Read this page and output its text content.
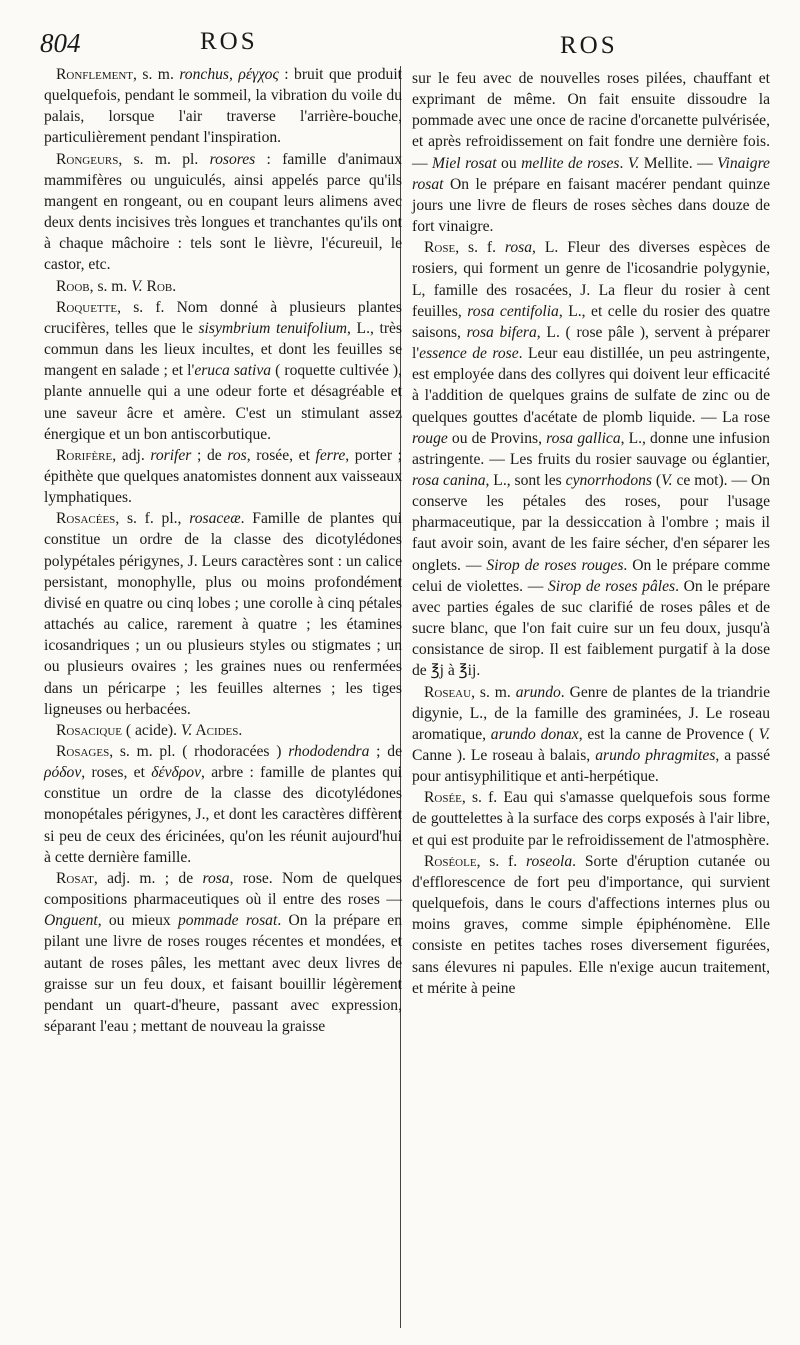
804	ROS	ROS

Ronflement, s. m. ronchus, ρέγχος : bruit que produit quelquefois, pendant le sommeil, la vibration du voile du palais, lorsque l'air traverse l'arrière-bouche, particulièrement pendant l'inspiration.

Rongeurs, s. m. pl. rosores : famille d'animaux mammifères ou unguiculés, ainsi appelés parce qu'ils mangent en rongeant, ou en coupant leurs alimens avec deux dents incisives très longues et tranchantes qu'ils ont à chaque mâchoire : tels sont le lièvre, l'écureuil, le castor, etc.

Roob, s. m. V. Rob.

Roquette, s. f. Nom donné à plusieurs plantes crucifères, telles que le sisymbrium tenuifolium, L., très commun dans les lieux incultes, et dont les feuilles se mangent en salade ; et l'eruca sativa ( roquette cultivée ), plante annuelle qui a une odeur forte et désagréable et une saveur âcre et amère. C'est un stimulant assez énergique et un bon antiscorbutique.

Rorifère, adj. rorifer ; de ros, rosée, et ferre, porter ; épithète que quelques anatomistes donnent aux vaisseaux lymphatiques.

Rosacées, s. f. pl., rosaceæ. Famille de plantes qui constitue un ordre de la classe des dicotylédones polypétales périgynes, J. Leurs caractères sont : un calice persistant, monophylle, plus ou moins profondément divisé en quatre ou cinq lobes ; une corolle à cinq pétales attachés au calice, rarement à quatre ; les étamines icosandriques ; un ou plusieurs styles ou stigmates ; un ou plusieurs ovaires ; les graines nues ou renfermées dans un péricarpe ; les feuilles alternes ; les tiges ligneuses ou herbacées.

Rosacique ( acide). V. Acides.

Rosages, s. m. pl. ( rhodoracées ) rhododendra ; de ρόδον, roses, et δένδρον, arbre : famille de plantes qui constitue un ordre de la classe des dicotylédones monopétales périgynes, J., et dont les caractères diffèrent si peu de ceux des éricinées, qu'on les réunit aujourd'hui à cette dernière famille.

Rosat, adj. m. ; de rosa, rose. Nom de quelques compositions pharmaceutiques où il entre des roses — Onguent, ou mieux pommade rosat. On la prépare en pilant une livre de roses rouges récentes et mondées, et autant de roses pâles, les mettant avec deux livres de graisse sur un feu doux, et faisant bouillir légèrement pendant un quart-d'heure, passant avec expression, séparant l'eau ; mettant de nouveau la graisse

sur le feu avec de nouvelles roses pilées, chauffant et exprimant de même. On fait ensuite dissoudre la pommade avec une once de racine d'orcanette pulvérisée, et après refroidissement on fait fondre une dernière fois. — Miel rosat ou mellite de roses. V. Mellite. — Vinaigre rosat On le prépare en faisant macérer pendant quinze jours une livre de fleurs de roses sèches dans douze de fort vinaigre.

Rose, s. f. rosa, L. Fleur des diverses espèces de rosiers, qui forment un genre de l'icosandrie polygynie, L, famille des rosacées, J. La fleur du rosier à cent feuilles, rosa centifolia, L., et celle du rosier des quatre saisons, rosa bifera, L. ( rose pâle ), servent à préparer l'essence de rose. Leur eau distillée, un peu astringente, est employée dans des collyres qui doivent leur efficacité à l'addition de quelques grains de sulfate de zinc ou de quelques gouttes d'acétate de plomb liquide. — La rose rouge ou de Provins, rosa gallica, L., donne une infusion astringente. — Les fruits du rosier sauvage ou églantier, rosa canina, L., sont les cynorrhodons (V. ce mot). — On conserve les pétales des roses, pour l'usage pharmaceutique, par la dessiccation à l'ombre ; mais il faut avoir soin, avant de les faire sécher, d'en séparer les onglets. — Sirop de roses rouges. On le prépare comme celui de violettes. — Sirop de roses pâles. On le prépare avec parties égales de suc clarifié de roses pâles et de sucre blanc, que l'on fait cuire sur un feu doux, jusqu'à consistance de sirop. Il est faiblement purgatif à la dose de ℥j à ℥ij.

Roseau, s. m. arundo. Genre de plantes de la triandrie digynie, L., de la famille des graminées, J. Le roseau aromatique, arundo donax, est la canne de Provence ( V. Canne ). Le roseau à balais, arundo phragmites, a passé pour antisyphilitique et anti-herpétique.

Rosée, s. f. Eau qui s'amasse quelquefois sous forme de gouttelettes à la surface des corps exposés à l'air libre, et qui est produite par le refroidissement de l'atmosphère.

Roséole, s. f. roseola. Sorte d'éruption cutanée ou d'efflorescence de fort peu d'importance, qui survient quelquefois, dans le cours d'affections internes plus ou moins graves, comme simple épiphénomène. Elle consiste en petites taches roses diversement figurées, sans élevures ni papules. Elle n'exige aucun traitement, et mérite à peine
